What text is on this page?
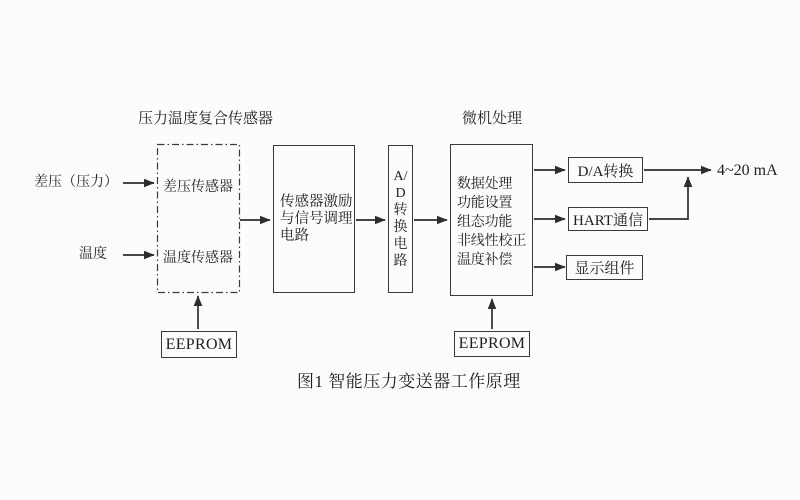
压力温度复合传感器	微机处理
差压（压力）
温度
差压传感器
温度传感器
传感器激励
与信号调理
电路
A/
D
转
换
电
路
数据处理
功能设置
组态功能
非线性校正
温度补偿
D/A转换
HART通信
显示组件
EEPROM	EEPROM
4~20 mA
图1 智能压力变送器工作原理
